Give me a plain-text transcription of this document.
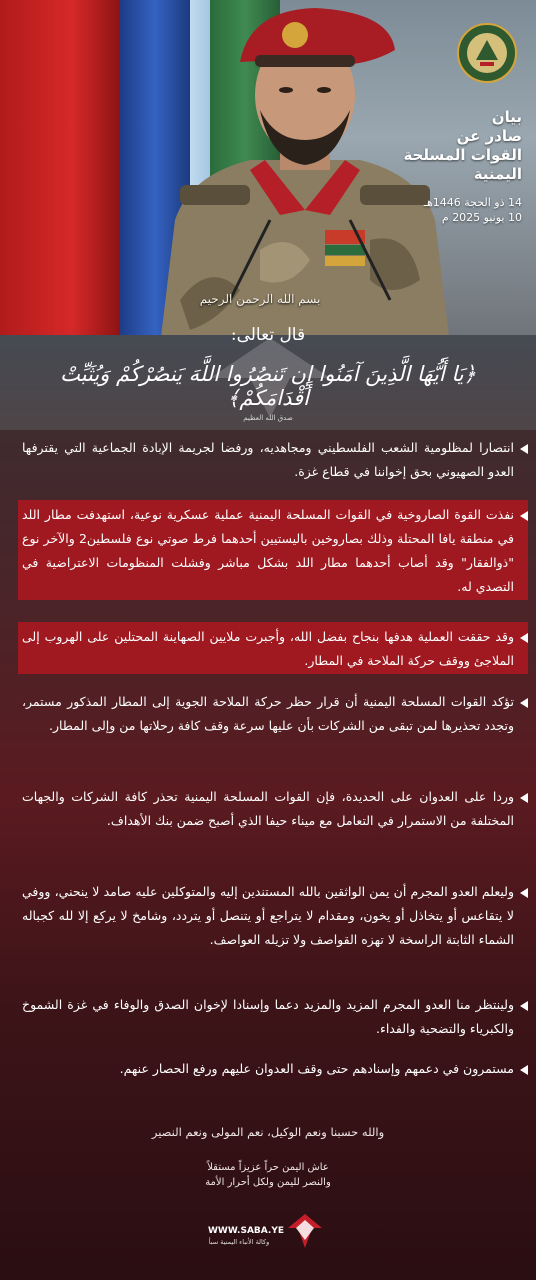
بسم الله الرحمن الرحيم
بيان
صادر عن
القوات المسلحة
اليمنية
14 ذو الحجة 1446هـ
10 يونيو 2025 م
قال تعالى:
﴿يَا أَيُّهَا الَّذِينَ آمَنُوا إِن تَنصُرُوا اللَّهَ يَنصُرْكُمْ وَيُثَبِّتْ أَقْدَامَكُمْ﴾
صدق الله العظيم
انتصارا لمظلومية الشعب الفلسطيني ومجاهديه، ورفضا لجريمة الإبادة الجماعية التي يقترفها العدو الصهيوني بحق إخواننا في قطاع غزة.
نفذت القوة الصاروخية في القوات المسلحة اليمنية عملية عسكرية نوعية، استهدفت مطار اللد في منطقة يافا المحتلة وذلك بصاروخين باليستيين أحدهما فرط صوتي نوع فلسطين2 والآخر نوع "ذوالفقار" وقد أصاب أحدهما مطار اللد بشكل مباشر وفشلت المنظومات الاعتراضية في التصدي له.
وقد حققت العملية هدفها بنجاح بفضل الله، وأجبرت ملايين الصهاينة المحتلين على الهروب إلى الملاجئ ووقف حركة الملاحة في المطار.
تؤكد القوات المسلحة اليمنية أن قرار حظر حركة الملاحة الجوية إلى المطار المذكور مستمر، وتجدد تحذيرها لمن تبقى من الشركات بأن عليها سرعة وقف كافة رحلاتها من وإلى المطار.
وردا على العدوان على الحديدة، فإن القوات المسلحة اليمنية تحذر كافة الشركات والجهات المختلفة من الاستمرار في التعامل مع ميناء حيفا الذي أصبح ضمن بنك الأهداف.
وليعلم العدو المجرم أن يمن الواثقين بالله المستندين إليه والمتوكلين عليه صامد لا ينحني، ووفي لا يتقاعس أو يتخاذل أو يخون، ومقدام لا يتراجع أو يتنصل أو يتردد، وشامخ لا يركع إلا لله كجباله الشماء الثابتة الراسخة لا تهزه القواصف ولا تزيله العواصف.
ولينتظر منا العدو المجرم المزيد والمزيد دعما وإسنادا لإخوان الصدق والوفاء في غزة الشموخ والكبرياء والتضحية والفداء.
مستمرون في دعمهم وإسنادهم حتى وقف العدوان عليهم ورفع الحصار عنهم.
والله حسبنا ونعم الوكيل، نعم المولى ونعم النصير
عاش اليمن حراً عزيزاً مستقلاً
والنصر لليمن ولكل أحرار الأمة
WWW.SABA.YE
وكالة الأنباء اليمنية سبأ
